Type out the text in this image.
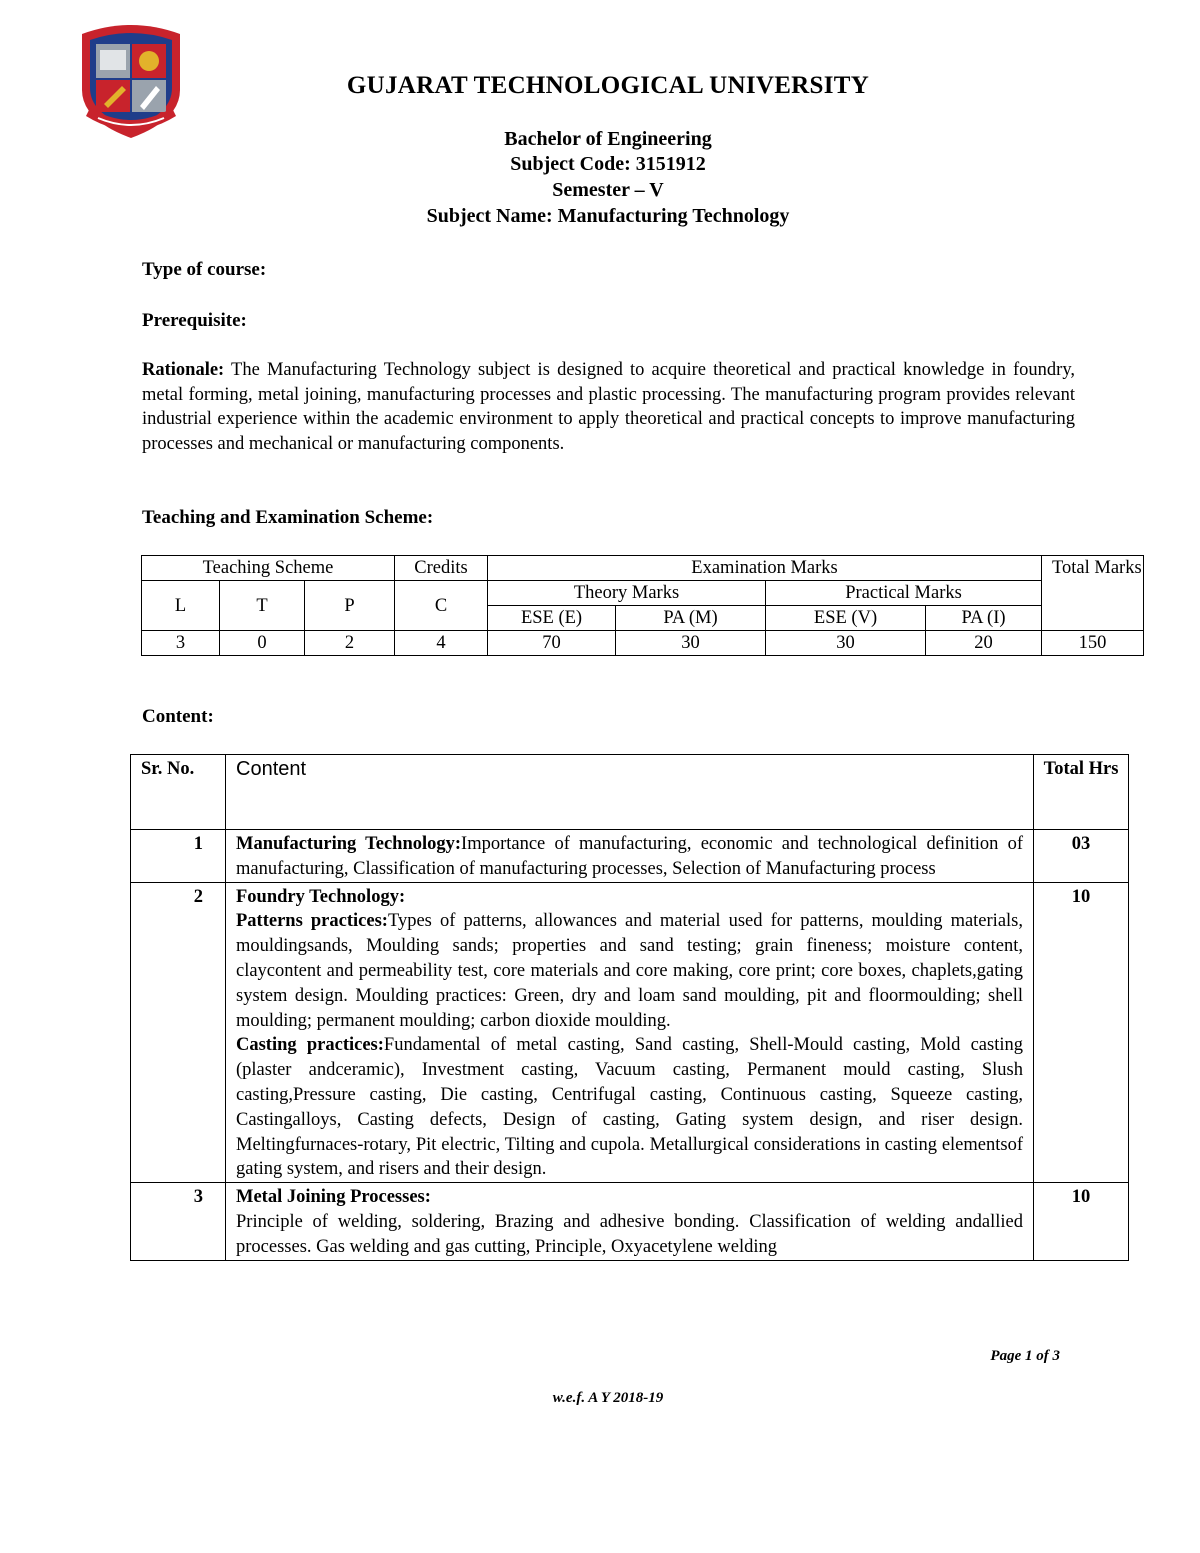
GUJARAT TECHNOLOGICAL UNIVERSITY
Bachelor of Engineering
Subject Code: 3151912
Semester – V
Subject Name: Manufacturing Technology
Type of course:
Prerequisite:
Rationale: The Manufacturing Technology subject is designed to acquire theoretical and practical knowledge in foundry, metal forming, metal joining, manufacturing processes and plastic processing. The manufacturing program provides relevant industrial experience within the academic environment to apply theoretical and practical concepts to improve manufacturing processes and mechanical or manufacturing components.
Teaching and Examination Scheme:
Teaching Scheme			Credits	Examination Marks				Total Marks
L	T	P	C	Theory Marks		Practical Marks		
				ESE (E)	PA (M)	ESE (V)	PA (I)	
3	0	2	4	70	30	30	20	150
Content:
Sr. No.	Content	Total Hrs
1	Manufacturing Technology:Importance of manufacturing, economic and technological definition of manufacturing, Classification of manufacturing processes, Selection of Manufacturing process	03
2	Foundry Technology:
Patterns practices:Types of patterns, allowances and material used for patterns, moulding materials, mouldingsands, Moulding sands; properties and sand testing; grain fineness; moisture content, claycontent and permeability test, core materials and core making, core print; core boxes, chaplets,gating system design. Moulding practices: Green, dry and loam sand moulding, pit and floormoulding; shell moulding; permanent moulding; carbon dioxide moulding.
Casting practices:Fundamental of metal casting, Sand casting, Shell-Mould casting, Mold casting (plaster andceramic), Investment casting, Vacuum casting, Permanent mould casting, Slush casting,Pressure casting, Die casting, Centrifugal casting, Continuous casting, Squeeze casting, Castingalloys, Casting defects, Design of casting, Gating system design, and riser design. Meltingfurnaces-rotary, Pit electric, Tilting and cupola. Metallurgical considerations in casting elementsof gating system, and risers and their design.	10
3	Metal Joining Processes:
Principle of welding, soldering, Brazing and adhesive bonding. Classification of welding andallied processes. Gas welding and gas cutting, Principle, Oxyacetylene welding	10
Page 1 of 3
w.e.f. A Y 2018-19
